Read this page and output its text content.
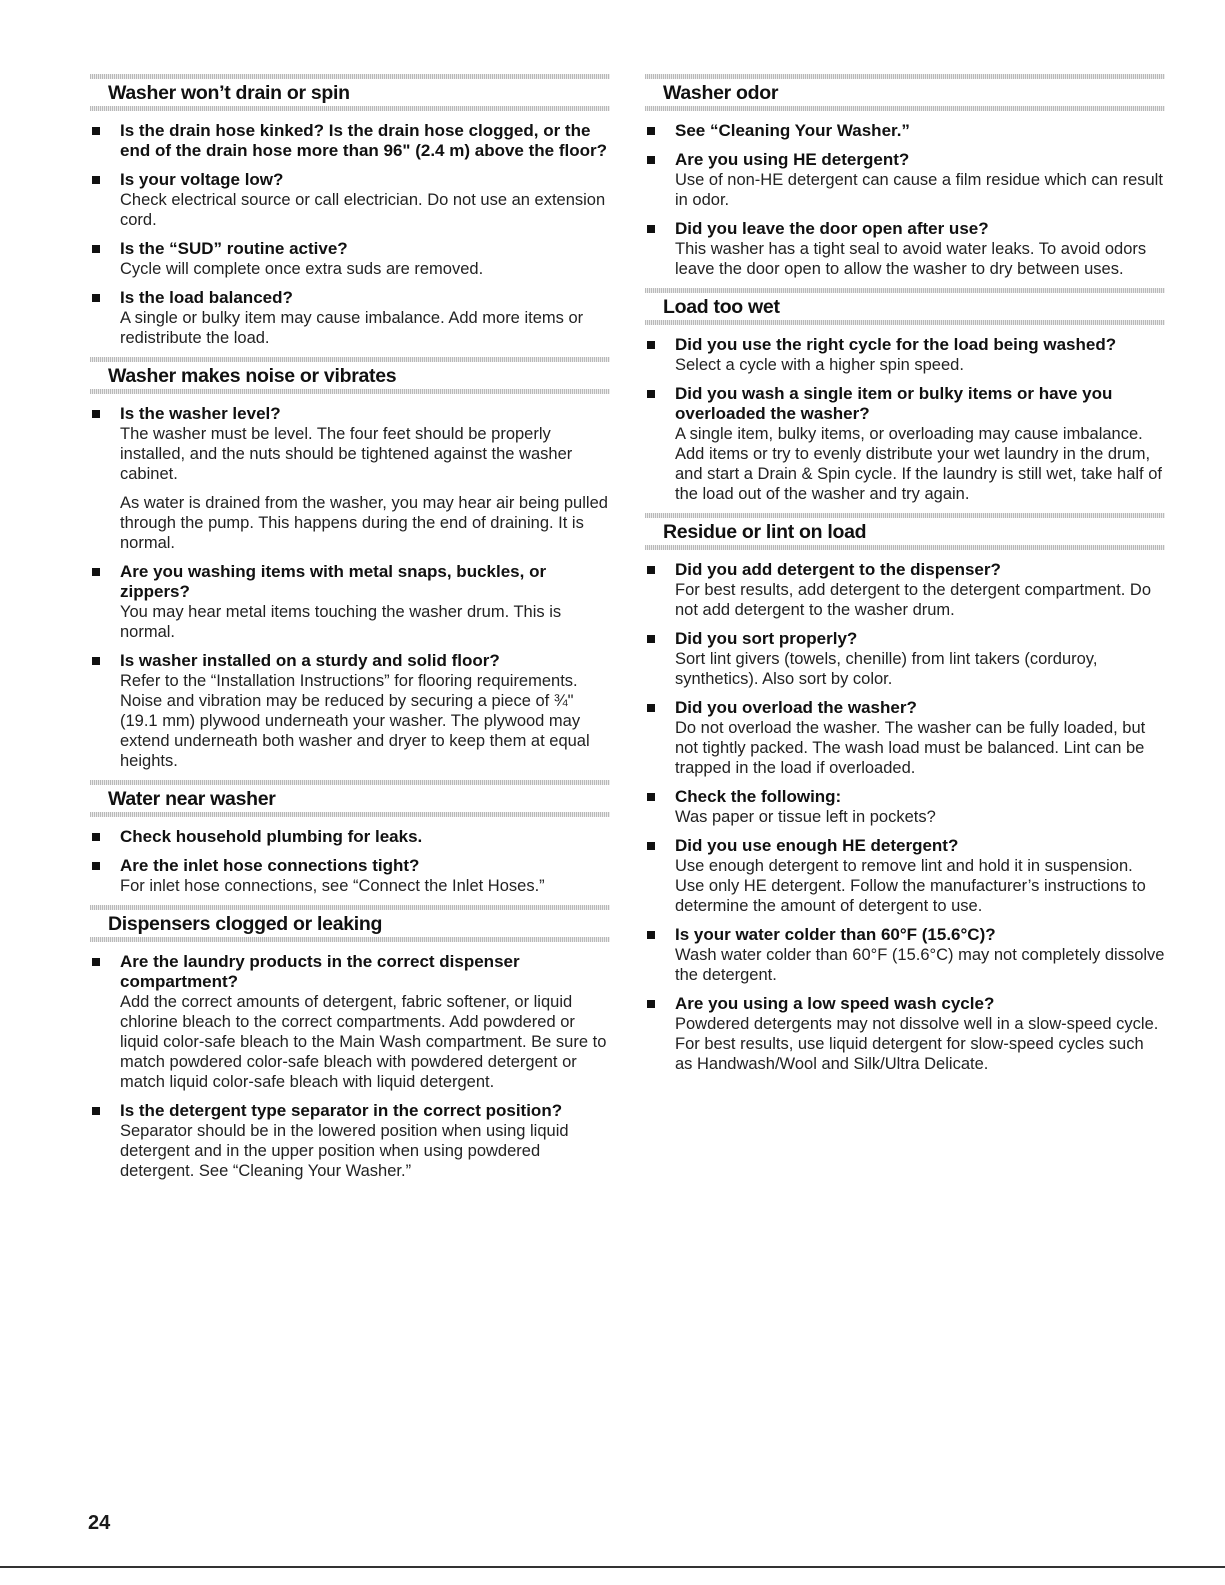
Washer won’t drain or spin
Is the drain hose kinked? Is the drain hose clogged, or the end of the drain hose more than 96" (2.4 m) above the floor?
Is your voltage low?
Check electrical source or call electrician. Do not use an extension cord.
Is the “SUD” routine active?
Cycle will complete once extra suds are removed.
Is the load balanced?
A single or bulky item may cause imbalance. Add more items or redistribute the load.
Washer makes noise or vibrates
Is the washer level?
The washer must be level. The four feet should be properly installed, and the nuts should be tightened against the washer cabinet.
As water is drained from the washer, you may hear air being pulled through the pump. This happens during the end of draining. It is normal.
Are you washing items with metal snaps, buckles, or zippers?
You may hear metal items touching the washer drum. This is normal.
Is washer installed on a sturdy and solid floor?
Refer to the “Installation Instructions” for flooring requirements. Noise and vibration may be reduced by securing a piece of ¾" (19.1 mm) plywood underneath your washer. The plywood may extend underneath both washer and dryer to keep them at equal heights.
Water near washer
Check household plumbing for leaks.
Are the inlet hose connections tight?
For inlet hose connections, see “Connect the Inlet Hoses.”
Dispensers clogged or leaking
Are the laundry products in the correct dispenser compartment?
Add the correct amounts of detergent, fabric softener, or liquid chlorine bleach to the correct compartments. Add powdered or liquid color-safe bleach to the Main Wash compartment. Be sure to match powdered color-safe bleach with powdered detergent or match liquid color-safe bleach with liquid detergent.
Is the detergent type separator in the correct position?
Separator should be in the lowered position when using liquid detergent and in the upper position when using powdered detergent. See “Cleaning Your Washer.”
Washer odor
See “Cleaning Your Washer.”
Are you using HE detergent?
Use of non-HE detergent can cause a film residue which can result in odor.
Did you leave the door open after use?
This washer has a tight seal to avoid water leaks. To avoid odors leave the door open to allow the washer to dry between uses.
Load too wet
Did you use the right cycle for the load being washed?
Select a cycle with a higher spin speed.
Did you wash a single item or bulky items or have you overloaded the washer?
A single item, bulky items, or overloading may cause imbalance. Add items or try to evenly distribute your wet laundry in the drum, and start a Drain & Spin cycle. If the laundry is still wet, take half of the load out of the washer and try again.
Residue or lint on load
Did you add detergent to the dispenser?
For best results, add detergent to the detergent compartment. Do not add detergent to the washer drum.
Did you sort properly?
Sort lint givers (towels, chenille) from lint takers (corduroy, synthetics). Also sort by color.
Did you overload the washer?
Do not overload the washer. The washer can be fully loaded, but not tightly packed. The wash load must be balanced. Lint can be trapped in the load if overloaded.
Check the following:
Was paper or tissue left in pockets?
Did you use enough HE detergent?
Use enough detergent to remove lint and hold it in suspension. Use only HE detergent. Follow the manufacturer’s instructions to determine the amount of detergent to use.
Is your water colder than 60°F (15.6°C)?
Wash water colder than 60°F (15.6°C) may not completely dissolve the detergent.
Are you using a low speed wash cycle?
Powdered detergents may not dissolve well in a slow-speed cycle. For best results, use liquid detergent for slow-speed cycles such as Handwash/Wool and Silk/Ultra Delicate.
24
